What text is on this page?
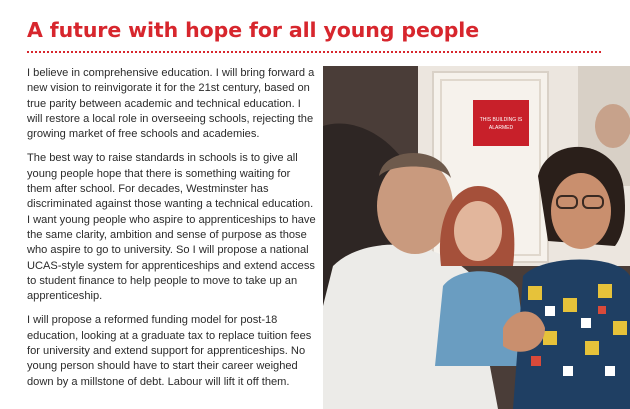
A future with hope for all young people

I believe in comprehensive education. I will bring forward a new vision to reinvigorate it for the 21st century, based on true parity between academic and technical education. I will restore a local role in overseeing schools, rejecting the growing market of free schools and academies.

The best way to raise standards in schools is to give all young people hope that there is something waiting for them after school. For decades, Westminster has discriminated against those wanting a technical education. I want young people who aspire to apprenticeships to have the same clarity, ambition and sense of purpose as those who aspire to go to university. So I will propose a national UCAS-style system for apprenticeships and extend access to student finance to help people to move to take up an apprenticeship.

I will propose a reformed funding model for post-18 education, looking at a graduate tax to replace tuition fees for university and extend support for apprenticeships. No young person should have to start their career weighed down by a millstone of debt. Labour will lift it off them.

THIS BUILDING IS
ALARMED
